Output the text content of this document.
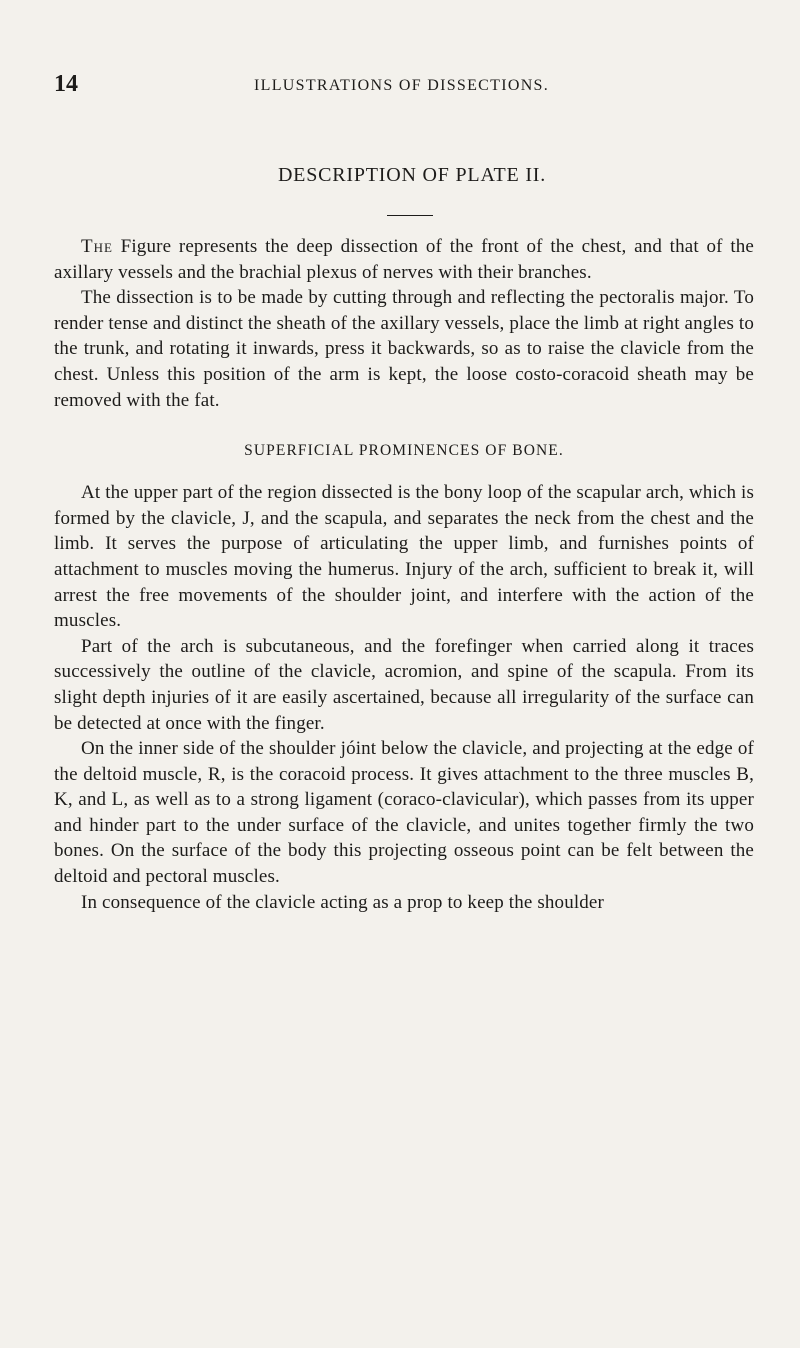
14	ILLUSTRATIONS OF DISSECTIONS.
DESCRIPTION OF PLATE II.

The Figure represents the deep dissection of the front of the chest, and that of the axillary vessels and the brachial plexus of nerves with their branches.

The dissection is to be made by cutting through and reflecting the pectoralis major. To render tense and distinct the sheath of the axillary vessels, place the limb at right angles to the trunk, and rotating it inwards, press it backwards, so as to raise the clavicle from the chest. Unless this position of the arm is kept, the loose costo-coracoid sheath may be removed with the fat.

SUPERFICIAL PROMINENCES OF BONE.

At the upper part of the region dissected is the bony loop of the scapular arch, which is formed by the clavicle, J, and the scapula, and separates the neck from the chest and the limb. It serves the purpose of articulating the upper limb, and furnishes points of attachment to muscles moving the humerus. Injury of the arch, sufficient to break it, will arrest the free movements of the shoulder joint, and interfere with the action of the muscles.

Part of the arch is subcutaneous, and the forefinger when carried along it traces successively the outline of the clavicle, acromion, and spine of the scapula. From its slight depth injuries of it are easily ascertained, because all irregularity of the surface can be detected at once with the finger.

On the inner side of the shoulder jóint below the clavicle, and projecting at the edge of the deltoid muscle, R, is the coracoid process. It gives attachment to the three muscles B, K, and L, as well as to a strong ligament (coraco-clavicular), which passes from its upper and hinder part to the under surface of the clavicle, and unites together firmly the two bones. On the surface of the body this projecting osseous point can be felt between the deltoid and pectoral muscles.

In consequence of the clavicle acting as a prop to keep the shoulder
